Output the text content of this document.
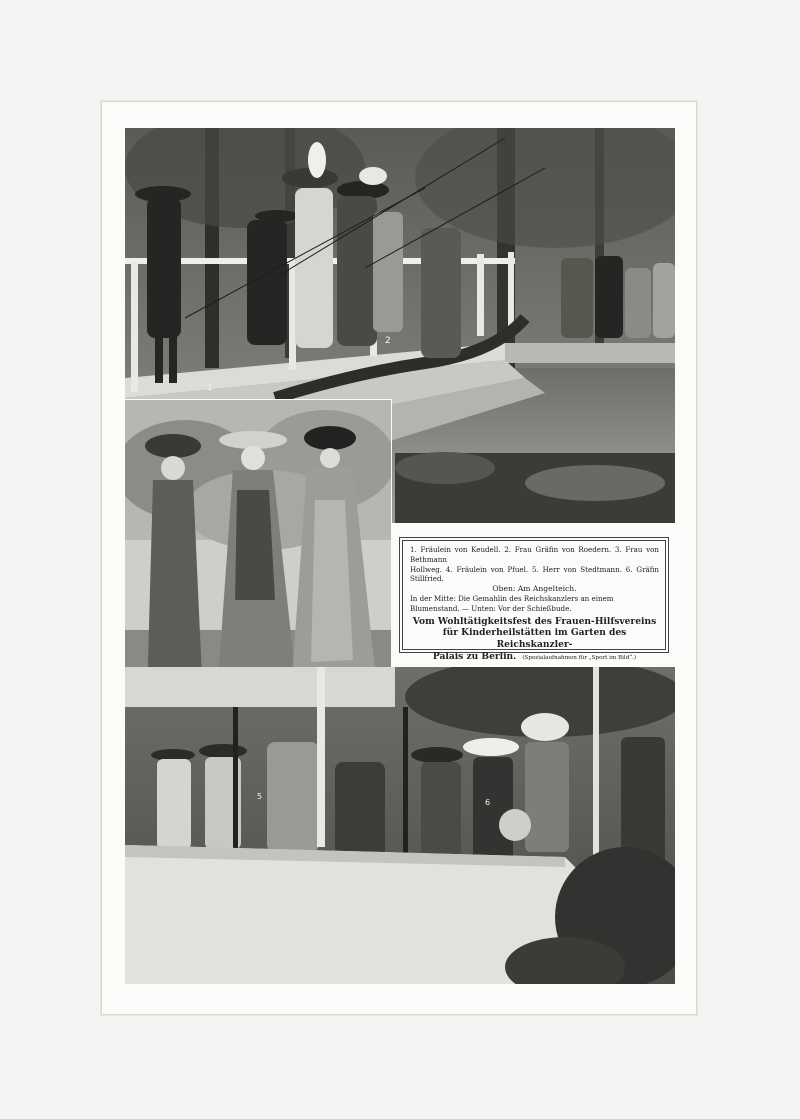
1
2
1. Fräulein von Keudell. 2. Frau Gräfin von Roedern. 3. Frau von Bethmann
Hollweg. 4. Fräulein von Pfuel. 5. Herr von Stedtmann. 6. Gräfin Stillfried.
Oben: Am Angelteich.
In der Mitte: Die Gemahlin des Reichskanzlers an einem
Blumenstand. — Unten: Vor der Schießbude.
Vom Wohltätigkeitsfest des Frauen-Hilfsvereins
für Kinderheilstätten im Garten des Reichskanzler-
Palais zu Berlin. (Spezialaufnahmen für „Sport im Bild“.)
5
6
